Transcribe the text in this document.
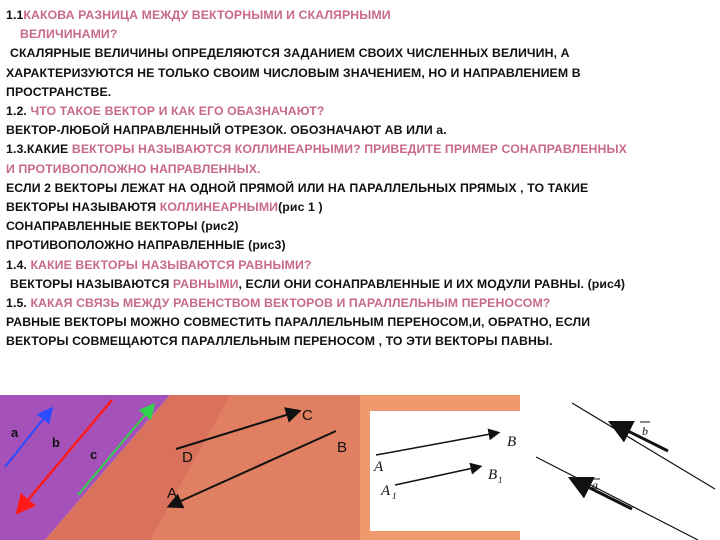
1.1КАКОВА РАЗНИЦА МЕЖДУ ВЕКТОРНЫМИ И СКАЛЯРНЫМИ
ВЕЛИЧИНАМИ?
СКАЛЯРНЫЕ ВЕЛИЧИНЫ ОПРЕДЕЛЯЮТСЯ ЗАДАНИЕМ СВОИХ ЧИСЛЕННЫХ ВЕЛИЧИН, А
ХАРАКТЕРИЗУЮТСЯ НЕ ТОЛЬКО СВОИМ ЧИСЛОВЫМ ЗНАЧЕНИЕМ, НО И НАПРАВЛЕНИЕМ В
ПРОСТРАНСТВЕ.
1.2. ЧТО ТАКОЕ ВЕКТОР И КАК ЕГО ОБАЗНАЧАЮТ?
ВЕКТОР-ЛЮБОЙ НАПРАВЛЕННЫЙ ОТРЕЗОК. ОБОЗНАЧАЮТ АВ ИЛИ a.
1.3.КАКИЕ ВЕКТОРЫ НАЗЫВАЮТСЯ КОЛЛИНЕАРНЫМИ? ПРИВЕДИТЕ ПРИМЕР СОНАПРАВЛЕННЫХ
И ПРОТИВОПОЛОЖНО НАПРАВЛЕННЫХ.
ЕСЛИ 2 ВЕКТОРЫ ЛЕЖАТ НА ОДНОЙ ПРЯМОЙ ИЛИ НА ПАРАЛЛЕЛЬНЫХ ПРЯМЫХ , ТО ТАКИЕ
ВЕКТОРЫ НАЗЫВАЮТЯ КОЛЛИНЕАРНЫМИ(рис 1 )
СОНАПРАВЛЕННЫЕ ВЕКТОРЫ (рис2)
ПРОТИВОПОЛОЖНО НАПРАВЛЕННЫЕ (рис3)
1.4. КАКИЕ ВЕКТОРЫ НАЗЫВАЮТСЯ РАВНЫМИ?
ВЕКТОРЫ НАЗЫВАЮТСЯ РАВНЫМИ, ЕСЛИ ОНИ СОНАПРАВЛЕННЫЕ И ИХ МОДУЛИ РАВНЫ. (рис4)
1.5. КАКАЯ СВЯЗЬ МЕЖДУ РАВЕНСТВОМ ВЕКТОРОВ И ПАРАЛЛЕЛЬНЫМ ПЕРЕНОСОМ?
РАВНЫЕ ВЕКТОРЫ МОЖНО СОВМЕСТИТЬ ПАРАЛЛЕЛЬНЫМ ПЕРЕНОСОМ,И, ОБРАТНО, ЕСЛИ
ВЕКТОРЫ СОВМЕЩАЮТСЯ ПАРАЛЛЕЛЬНЫМ ПЕРЕНОСОМ , ТО ЭТИ ВЕКТОРЫ ПАВНЫ.
a
b
c
C
D
B
A
B
A	B 1
A 1
b
a
